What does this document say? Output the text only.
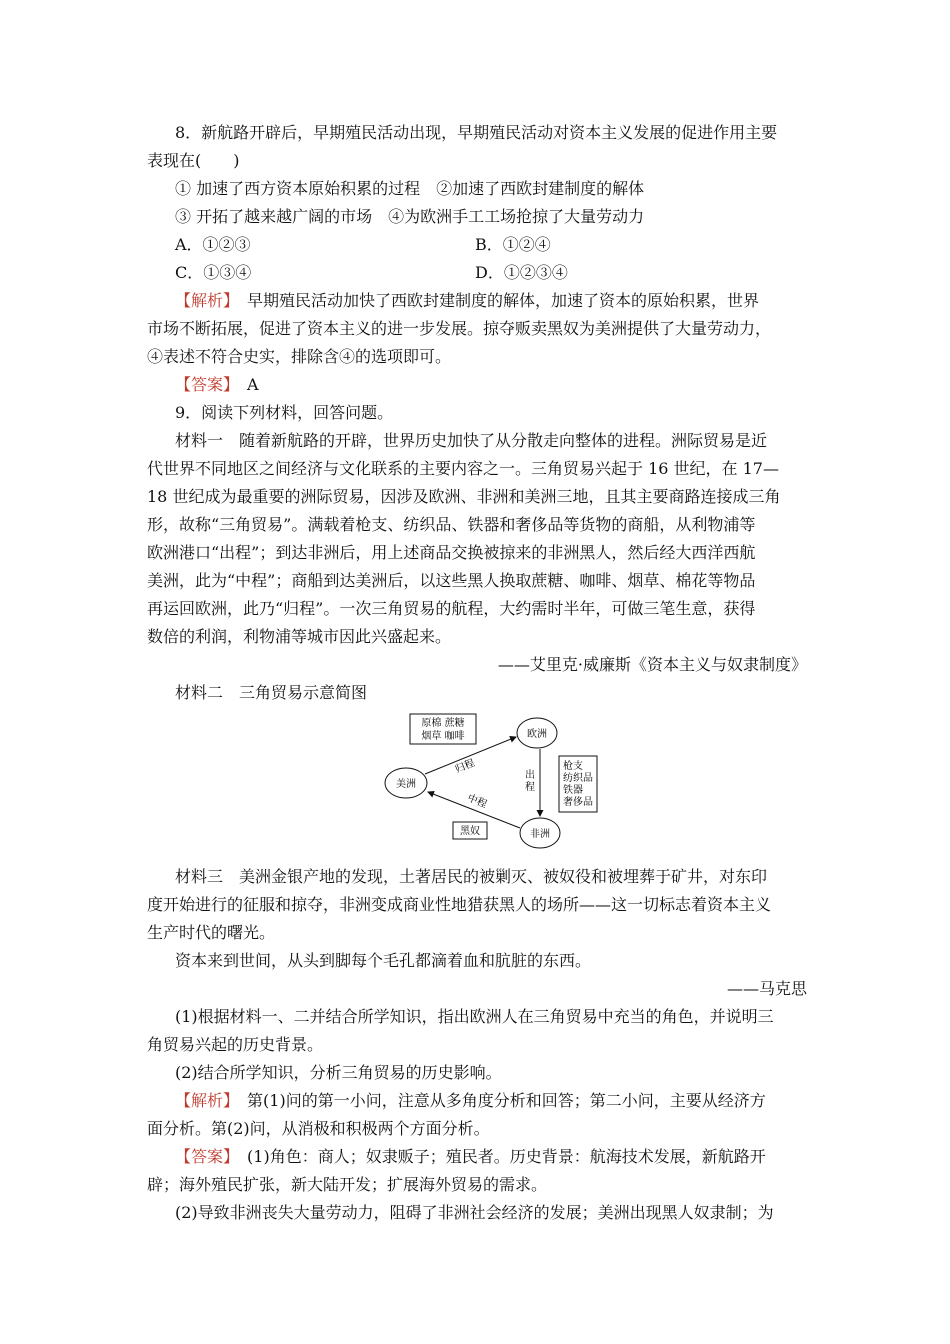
8．新航路开辟后，早期殖民活动出现，早期殖民活动对资本主义发展的促进作用主要
表现在(　　)
① 加速了西方资本原始积累的过程　②加速了西欧封建制度的解体
③ 开拓了越来越广阔的市场　④为欧洲手工工场抢掠了大量劳动力
A．①②③	B．①②④
C．①③④	D．①②③④
【解析】　 早期殖民活动加快了西欧封建制度的解体，加速了资本的原始积累，世界
市场不断拓展，促进了资本主义的进一步发展。掠夺贩卖黑奴为美洲提供了大量劳动力，
④表述不符合史实，排除含④的选项即可。
【答案】　 A
9．阅读下列材料，回答问题。
材料一　随着新航路的开辟，世界历史加快了从分散走向整体的进程。洲际贸易是近
代世界不同地区之间经济与文化联系的主要内容之一。三角贸易兴起于 16 世纪，在 17—
18 世纪成为最重要的洲际贸易，因涉及欧洲、非洲和美洲三地，且其主要商路连接成三角
形，故称“三角贸易”。满载着枪支、纺织品、铁器和奢侈品等货物的商船，从利物浦等
欧洲港口“出程”；到达非洲后，用上述商品交换被掠来的非洲黑人，然后经大西洋西航
美洲，此为“中程”；商船到达美洲后，以这些黑人换取蔗糖、咖啡、烟草、棉花等物品
再运回欧洲，此乃“归程”。一次三角贸易的航程，大约需时半年，可做三笔生意，获得
数倍的利润，利物浦等城市因此兴盛起来。
——艾里克·威廉斯《资本主义与奴隶制度》
材料二　三角贸易示意简图
原棉 蔗糖
烟草 咖啡	欧洲
美洲
非洲
归程	出程
枪支
纺织品
铁器
奢侈品
中程
黑奴
材料三　美洲金银产地的发现，土著居民的被剿灭、被奴役和被埋葬于矿井，对东印
度开始进行的征服和掠夺，非洲变成商业性地猎获黑人的场所——这一切标志着资本主义
生产时代的曙光。
资本来到世间，从头到脚每个毛孔都滴着血和肮脏的东西。
——马克思
(1)根据材料一、二并结合所学知识，指出欧洲人在三角贸易中充当的角色，并说明三
角贸易兴起的历史背景。
(2)结合所学知识，分析三角贸易的历史影响。
【解析】　 第(1)问的第一小问，注意从多角度分析和回答；第二小问，主要从经济方
面分析。第(2)问，从消极和积极两个方面分析。
【答案】　 (1)角色：商人；奴隶贩子；殖民者。历史背景：航海技术发展，新航路开
辟；海外殖民扩张，新大陆开发；扩展海外贸易的需求。
(2)导致非洲丧失大量劳动力，阻碍了非洲社会经济的发展；美洲出现黑人奴隶制；为
